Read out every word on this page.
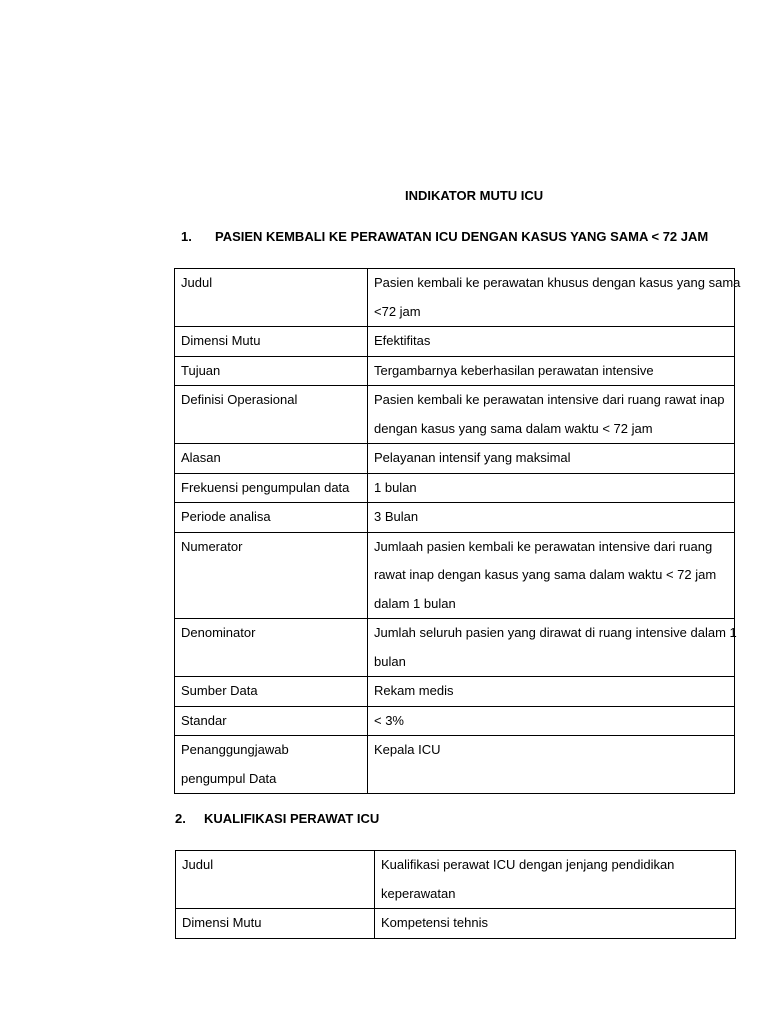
INDIKATOR MUTU ICU
1. PASIEN KEMBALI KE PERAWATAN ICU DENGAN KASUS YANG SAMA < 72 JAM
Judul	Pasien kembali ke perawatan khusus dengan kasus yang sama
<72 jam

Dimensi Mutu	Efektifitas

Tujuan	Tergambarnya keberhasilan perawatan intensive

Definisi Operasional	Pasien kembali ke perawatan intensive dari ruang rawat inap
dengan kasus yang sama dalam waktu < 72 jam

Alasan	Pelayanan intensif yang maksimal

Frekuensi pengumpulan data	1 bulan

Periode analisa	3 Bulan

Numerator	Jumlaah pasien kembali ke perawatan intensive dari ruang
rawat inap dengan kasus yang sama dalam waktu < 72 jam
dalam 1 bulan

Denominator	Jumlah seluruh pasien yang dirawat di ruang intensive dalam 1
bulan

Sumber Data	Rekam medis

Standar	< 3%

Penanggungjawab
pengumpul Data	Kepala ICU
2. KUALIFIKASI PERAWAT ICU
Judul	Kualifikasi perawat ICU dengan jenjang pendidikan
keperawatan

Dimensi Mutu	Kompetensi tehnis
